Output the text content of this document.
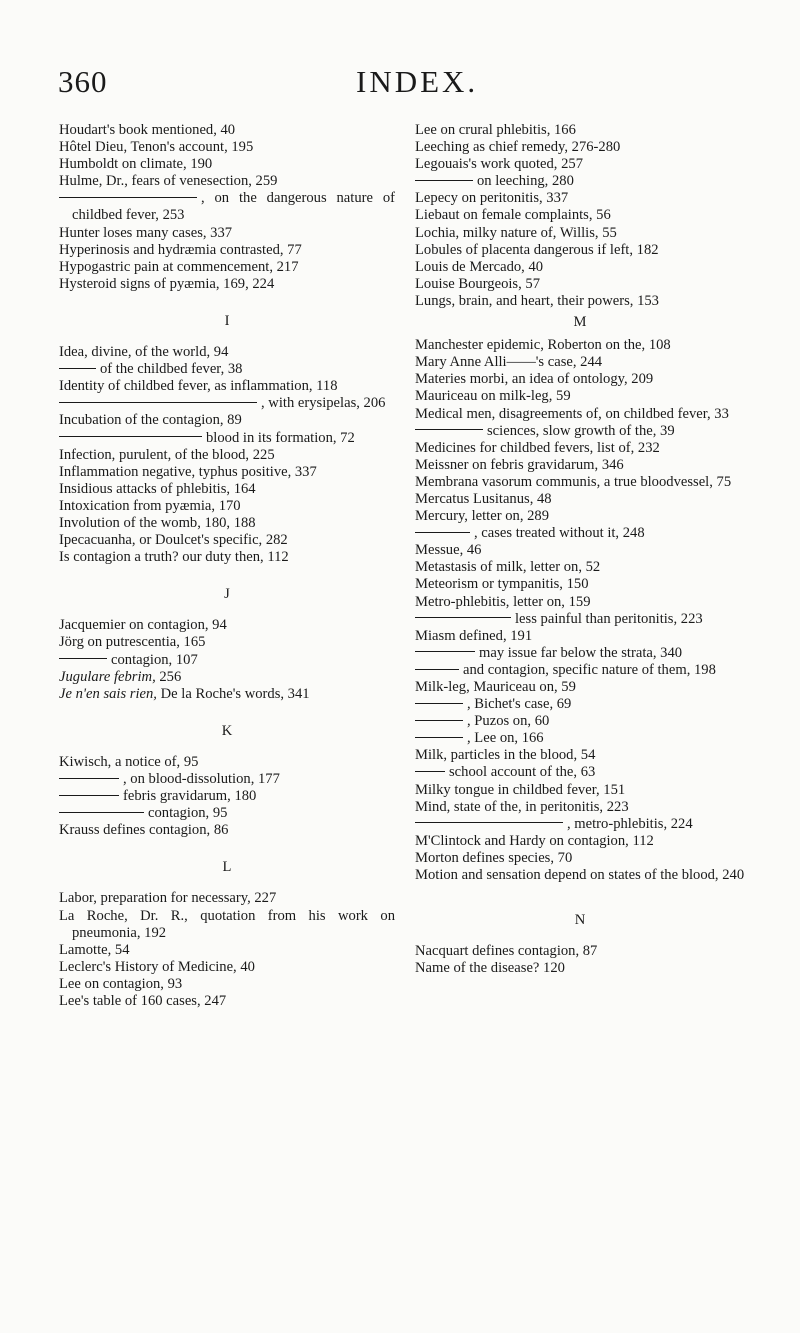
360	INDEX.

Houdart's book mentioned, 40

Hôtel Dieu, Tenon's account, 195

Humboldt on climate, 190

Hulme, Dr., fears of venesection, 259

, on the dangerous nature of childbed fever, 253

Hunter loses many cases, 337

Hyperinosis and hydræmia contrasted, 77

Hypogastric pain at commencement, 217

Hysteroid signs of pyæmia, 169, 224

I

Idea, divine, of the world, 94

of the childbed fever, 38

Identity of childbed fever, as inflammation, 118

, with erysipelas, 206

Incubation of the contagion, 89

blood in its formation, 72

Infection, purulent, of the blood, 225

Inflammation negative, typhus positive, 337

Insidious attacks of phlebitis, 164

Intoxication from pyæmia, 170

Involution of the womb, 180, 188

Ipecacuanha, or Doulcet's specific, 282

Is contagion a truth? our duty then, 112

J

Jacquemier on contagion, 94

Jörg on putrescentia, 165

contagion, 107

Jugulare febrim, 256

Je n'en sais rien, De la Roche's words, 341

K

Kiwisch, a notice of, 95

, on blood-dissolution, 177

febris gravidarum, 180

contagion, 95

Krauss defines contagion, 86

L

Labor, preparation for necessary, 227

La Roche, Dr. R., quotation from his work on pneumonia, 192

Lamotte, 54

Leclerc's History of Medicine, 40

Lee on contagion, 93

Lee's table of 160 cases, 247

Lee on crural phlebitis, 166

Leeching as chief remedy, 276-280

Legouais's work quoted, 257

on leeching, 280

Lepecy on peritonitis, 337

Liebaut on female complaints, 56

Lochia, milky nature of, Willis, 55

Lobules of placenta dangerous if left, 182

Louis de Mercado, 40

Louise Bourgeois, 57

Lungs, brain, and heart, their powers, 153

M

Manchester epidemic, Roberton on the, 108

Mary Anne Alli——'s case, 244

Materies morbi, an idea of ontology, 209

Mauriceau on milk-leg, 59

Medical men, disagreements of, on childbed fever, 33

sciences, slow growth of the, 39

Medicines for childbed fevers, list of, 232

Meissner on febris gravidarum, 346

Membrana vasorum communis, a true bloodvessel, 75

Mercatus Lusitanus, 48

Mercury, letter on, 289

, cases treated without it, 248

Messue, 46

Metastasis of milk, letter on, 52

Meteorism or tympanitis, 150

Metro-phlebitis, letter on, 159

less painful than peritonitis, 223

Miasm defined, 191

may issue far below the strata, 340

and contagion, specific nature of them, 198

Milk-leg, Mauriceau on, 59

, Bichet's case, 69

, Puzos on, 60

, Lee on, 166

Milk, particles in the blood, 54

school account of the, 63

Milky tongue in childbed fever, 151

Mind, state of the, in peritonitis, 223

, metro-phlebitis, 224

M'Clintock and Hardy on contagion, 112

Morton defines species, 70

Motion and sensation depend on states of the blood, 240

N

Nacquart defines contagion, 87

Name of the disease? 120
